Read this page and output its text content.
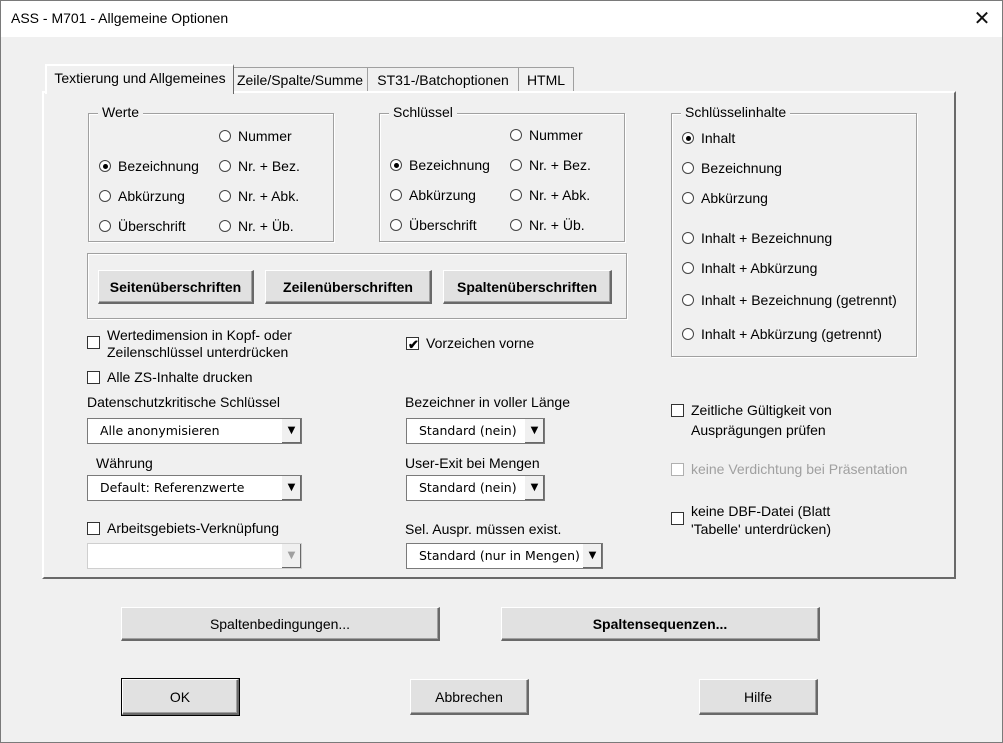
ASS - M701 - Allgemeine Optionen	✕
Textierung und Allgemeines Zeile/Spalte/Summe	ST31-/Batchoptionen	HTML
Werte
Nummer
Bezeichnung	Nr. + Bez.
Abkürzung	Nr. + Abk.
Überschrift	Nr. + Üb.
Schlüssel
Nummer
Bezeichnung	Nr. + Bez.
Abkürzung	Nr. + Abk.
Überschrift	Nr. + Üb.
Schlüsselinhalte
Inhalt
Bezeichnung
Abkürzung
Inhalt + Bezeichnung
Inhalt + Abkürzung
Inhalt + Bezeichnung (getrennt)
Inhalt + Abkürzung (getrennt)
Seitenüberschriften	Zeilenüberschriften	Spaltenüberschriften
Wertedimension in Kopf- oder
Zeilenschlüssel unterdrücken
Alle ZS-Inhalte drucken
✔ Vorzeichen vorne
Datenschutzkritische Schlüssel
Alle anonymisieren	▼
Währung
Default: Referenzwerte	▼
Arbeitsgebiets-Verknüpfung
▼
Bezeichner in voller Länge
Standard (nein)	▼
User-Exit bei Mengen
Standard (nein)	▼
Sel. Auspr. müssen exist.
Standard (nur in Mengen) ▼
Zeitliche Gültigkeit von
Ausprägungen prüfen
keine Verdichtung bei Präsentation
keine DBF-Datei (Blatt
'Tabelle' unterdrücken)
Spaltenbedingungen...	Spaltensequenzen...
OK	Abbrechen	Hilfe
